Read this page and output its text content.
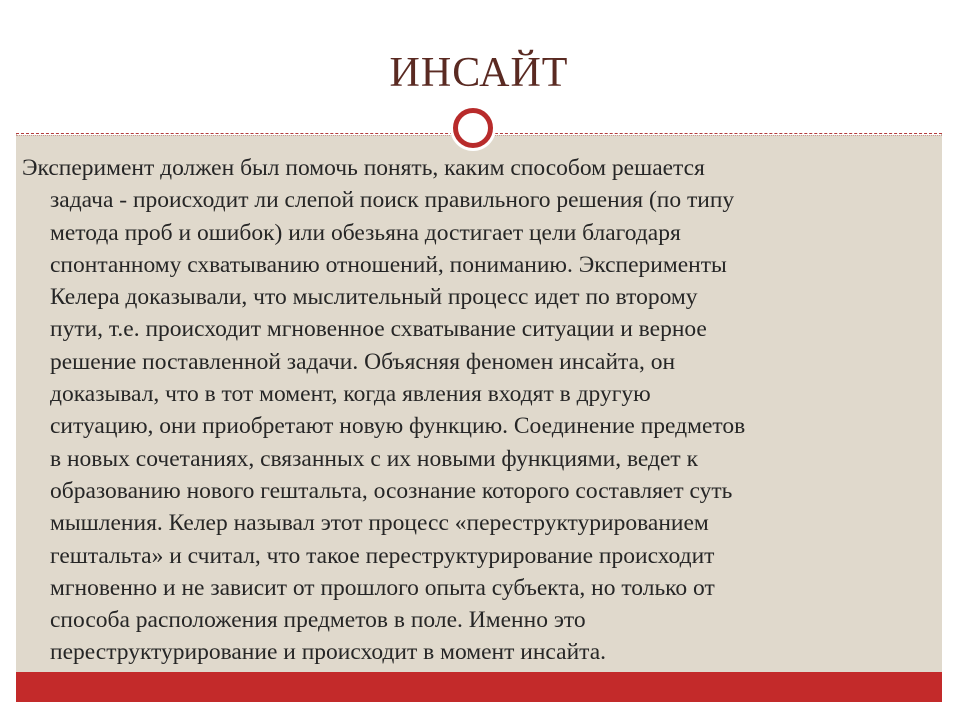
ИНСАЙТ
Эксперимент должен был помочь понять, каким способом решается
задача - происходит ли слепой поиск правильного решения (по типу
метода проб и ошибок) или обезьяна достигает цели благодаря
спонтанному схватыванию отношений, пониманию. Эксперименты
Келера доказывали, что мыслительный процесс идет по второму
пути, т.е. происходит мгновенное схватывание ситуации и верное
решение поставленной задачи. Объясняя феномен инсайта, он
доказывал, что в тот момент, когда явления входят в другую
ситуацию, они приобретают новую функцию. Соединение предметов
в новых сочетаниях, связанных с их новыми функциями, ведет к
образованию нового гештальта, осознание которого составляет суть
мышления. Келер называл этот процесс «переструктурированием
гештальта» и считал, что такое переструктурирование происходит
мгновенно и не зависит от прошлого опыта субъекта, но только от
способа расположения предметов в поле. Именно это
переструктурирование и происходит в момент инсайта.
